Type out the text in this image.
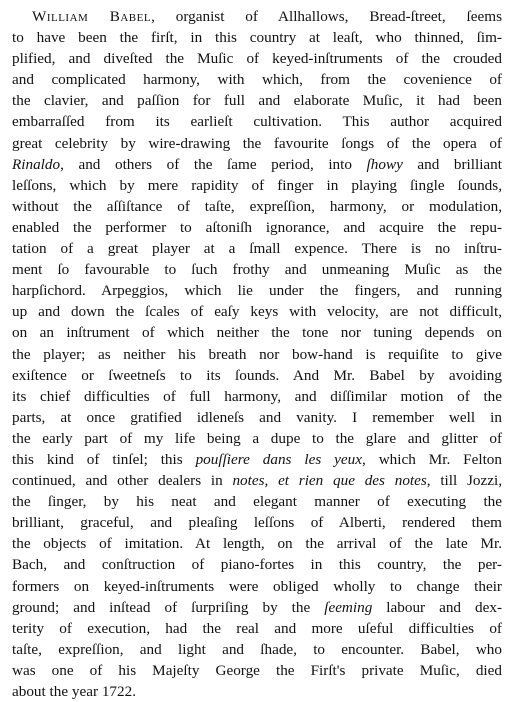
William Babel, organist of Allhallows, Bread-ſtreet, ſeems
to have been the firſt, in this country at leaſt, who thinned, ſim-
plified, and diveſted the Muſic of keyed-inſtruments of the crouded
and complicated harmony, with which, from the covenience of
the clavier, and paſſion for full and elaborate Muſic, it had been
embarraſſed from its earlieſt cultivation. This author acquired
great celebrity by wire-drawing the favourite ſongs of the opera of
Rinaldo, and others of the ſame period, into ſhowy and brilliant
leſſons, which by mere rapidity of finger in playing ſingle ſounds,
without the aſſiſtance of taſte, expreſſion, harmony, or modulation,
enabled the performer to aſtoniſh ignorance, and acquire the repu-
tation of a great player at a ſmall expence. There is no inſtru-
ment ſo favourable to ſuch frothy and unmeaning Muſic as the
harpſichord. Arpeggios, which lie under the fingers, and running
up and down the ſcales of eaſy keys with velocity, are not difficult,
on an inſtrument of which neither the tone nor tuning depends on
the player; as neither his breath nor bow-hand is requiſite to give
exiſtence or ſweetneſs to its ſounds. And Mr. Babel by avoiding
its chief difficulties of full harmony, and diſſimilar motion of the
parts, at once gratified idleneſs and vanity. I remember well in
the early part of my life being a dupe to the glare and glitter of
this kind of tinſel; this pouſſiere dans les yeux, which Mr. Felton
continued, and other dealers in notes, et rien que des notes, till Jozzi,
the ſinger, by his neat and elegant manner of executing the
brilliant, graceful, and pleaſing leſſons of Alberti, rendered them
the objects of imitation. At length, on the arrival of the late Mr.
Bach, and conſtruction of piano-fortes in this country, the per-
formers on keyed-inſtruments were obliged wholly to change their
ground; and inſtead of ſurpriſing by the ſeeming labour and dex-
terity of execution, had the real and more uſeful difficulties of
taſte, expreſſion, and light and ſhade, to encounter. Babel, who
was one of his Majeſty George the Firſt's private Muſic, died
about the year 1722.
